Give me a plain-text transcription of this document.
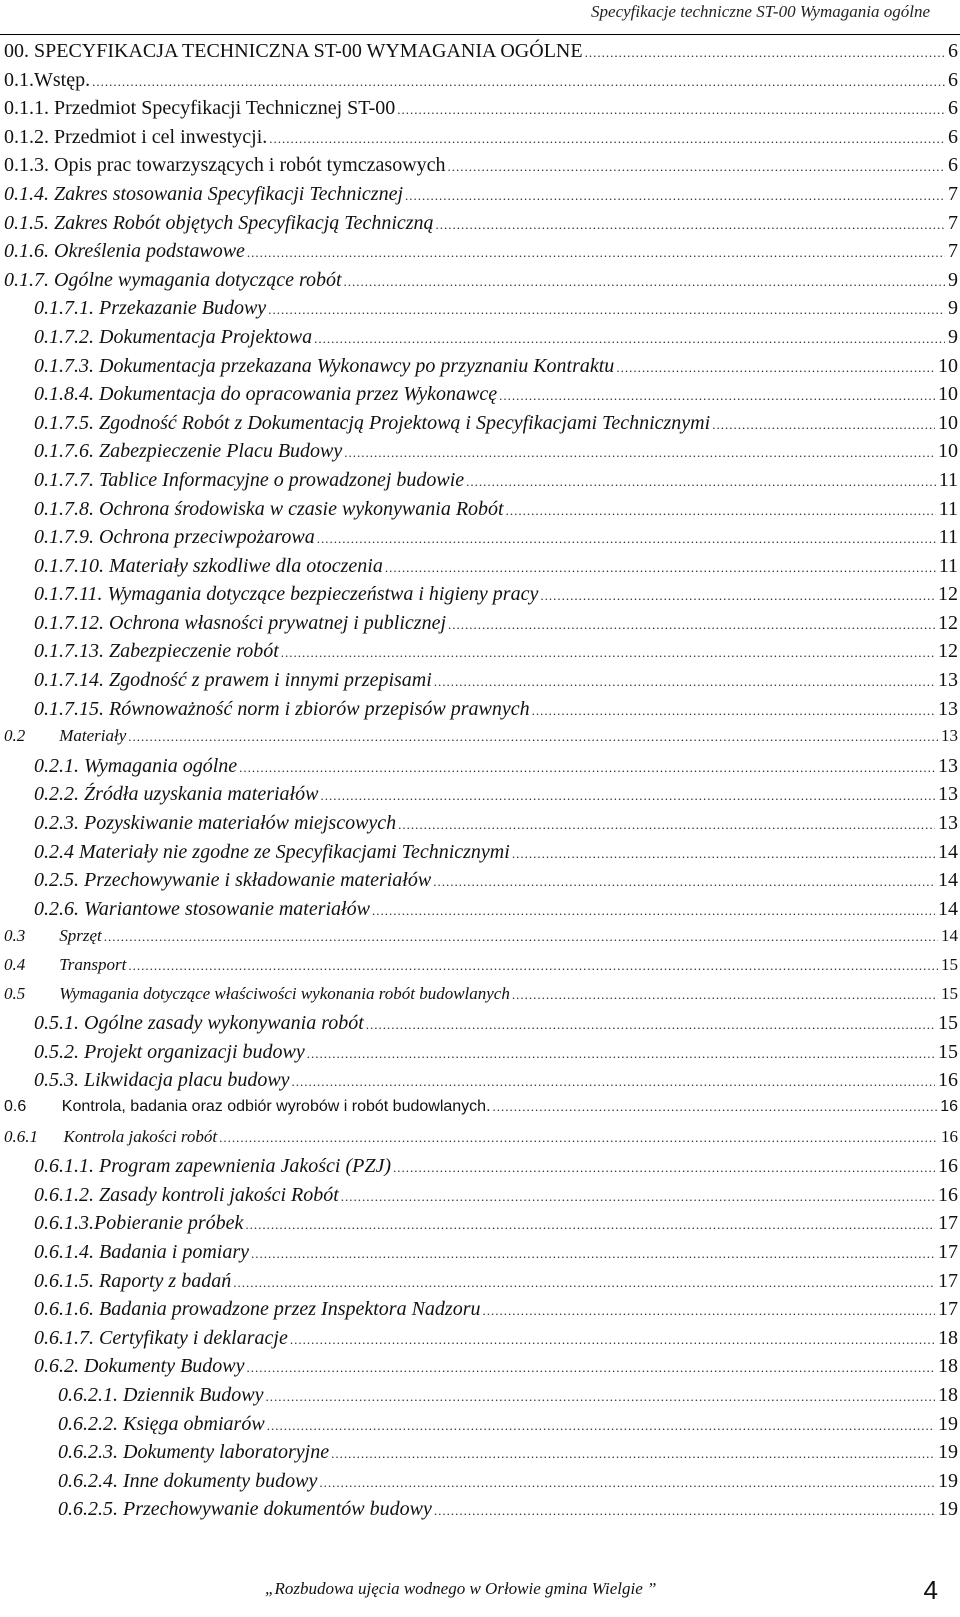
Specyfikacje techniczne ST-00 Wymagania ogólne
00. SPECYFIKACJA TECHNICZNA ST-00 WYMAGANIA OGÓLNE .....	6
0.1.Wstęp. .....	6
0.1.1. Przedmiot Specyfikacji Technicznej ST-00 .....	6
0.1.2. Przedmiot i cel inwestycji. .....	6
0.1.3. Opis prac towarzyszących i robót tymczasowych .....	6
0.1.4. Zakres stosowania Specyfikacji Technicznej .....	7
0.1.5. Zakres Robót objętych Specyfikacją Techniczną .....	7
0.1.6. Określenia podstawowe .....	7
0.1.7. Ogólne wymagania dotyczące robót .....	9
0.1.7.1. Przekazanie Budowy .....	9
0.1.7.2. Dokumentacja Projektowa .....	9
0.1.7.3. Dokumentacja przekazana Wykonawcy po przyznaniu Kontraktu .....	10
0.1.8.4. Dokumentacja do opracowania przez Wykonawcę .....	10
0.1.7.5. Zgodność Robót z Dokumentacją Projektową i Specyfikacjami Technicznymi .....	10
0.1.7.6. Zabezpieczenie Placu Budowy .....	10
0.1.7.7. Tablice Informacyjne o prowadzonej budowie .....	11
0.1.7.8. Ochrona środowiska w czasie wykonywania Robót .....	11
0.1.7.9. Ochrona przeciwpożarowa .....	11
0.1.7.10. Materiały szkodliwe dla otoczenia .....	11
0.1.7.11. Wymagania dotyczące bezpieczeństwa i higieny pracy .....	12
0.1.7.12. Ochrona własności prywatnej i publicznej .....	12
0.1.7.13. Zabezpieczenie robót .....	12
0.1.7.14. Zgodność z prawem i innymi przepisami .....	13
0.1.7.15. Równoważność norm i zbiorów przepisów prawnych .....	13
0.2        Materiały .....	13
0.2.1. Wymagania ogólne .....	13
0.2.2. Źródła uzyskania materiałów .....	13
0.2.3. Pozyskiwanie materiałów miejscowych .....	13
0.2.4 Materiały nie zgodne ze Specyfikacjami Technicznymi .....	14
0.2.5. Przechowywanie i składowanie materiałów .....	14
0.2.6. Wariantowe stosowanie materiałów .....	14
0.3        Sprzęt .....	14
0.4        Transport .....	15
0.5        Wymagania dotyczące właściwości wykonania robót budowlanych .....	15
0.5.1. Ogólne zasady wykonywania robót .....	15
0.5.2. Projekt organizacji budowy .....	15
0.5.3. Likwidacja placu budowy .....	16
0.6        Kontrola, badania oraz odbiór wyrobów i robót budowlanych. .....	16
0.6.1      Kontrola jakości robót .....	16
0.6.1.1. Program zapewnienia Jakości (PZJ) .....	16
0.6.1.2. Zasady kontroli jakości Robót .....	16
0.6.1.3.Pobieranie próbek .....	17
0.6.1.4. Badania i pomiary .....	17
0.6.1.5. Raporty z badań .....	17
0.6.1.6. Badania prowadzone przez Inspektora Nadzoru .....	17
0.6.1.7. Certyfikaty i deklaracje .....	18
0.6.2. Dokumenty Budowy .....	18
0.6.2.1. Dziennik Budowy .....	18
0.6.2.2. Księga obmiarów .....	19
0.6.2.3. Dokumenty laboratoryjne .....	19
0.6.2.4. Inne dokumenty budowy .....	19
0.6.2.5. Przechowywanie dokumentów budowy .....	19
„Rozbudowa ujęcia wodnego w Orłowie gmina Wielgie ”	4
